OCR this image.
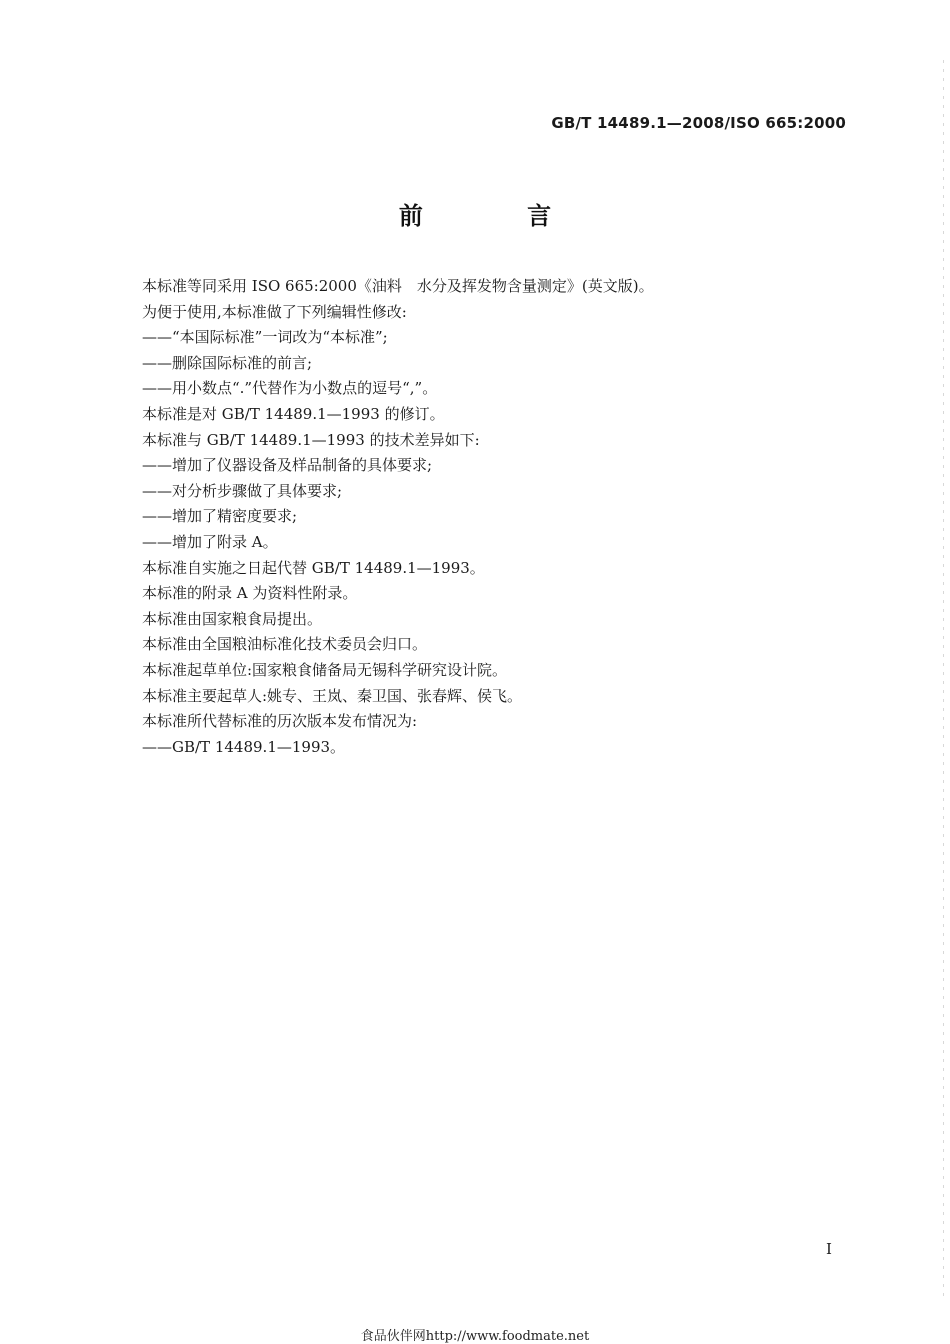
GB/T 14489.1—2008/ISO 665:2000
前 言
本标准等同采用 ISO 665:2000《油料　水分及挥发物含量测定》(英文版)。
为便于使用,本标准做了下列编辑性修改:
——“本国际标准”一词改为“本标准”;
——删除国际标准的前言;
——用小数点“.”代替作为小数点的逗号“,”。
本标准是对 GB/T 14489.1—1993 的修订。
本标准与 GB/T 14489.1—1993 的技术差异如下:
——增加了仪器设备及样品制备的具体要求;
——对分析步骤做了具体要求;
——增加了精密度要求;
——增加了附录 A。
本标准自实施之日起代替 GB/T 14489.1—1993。
本标准的附录 A 为资料性附录。
本标准由国家粮食局提出。
本标准由全国粮油标准化技术委员会归口。
本标准起草单位:国家粮食储备局无锡科学研究设计院。
本标准主要起草人:姚专、王岚、秦卫国、张春辉、侯飞。
本标准所代替标准的历次版本发布情况为:
——GB/T 14489.1—1993。
I
食品伙伴网http://www.foodmate.net
